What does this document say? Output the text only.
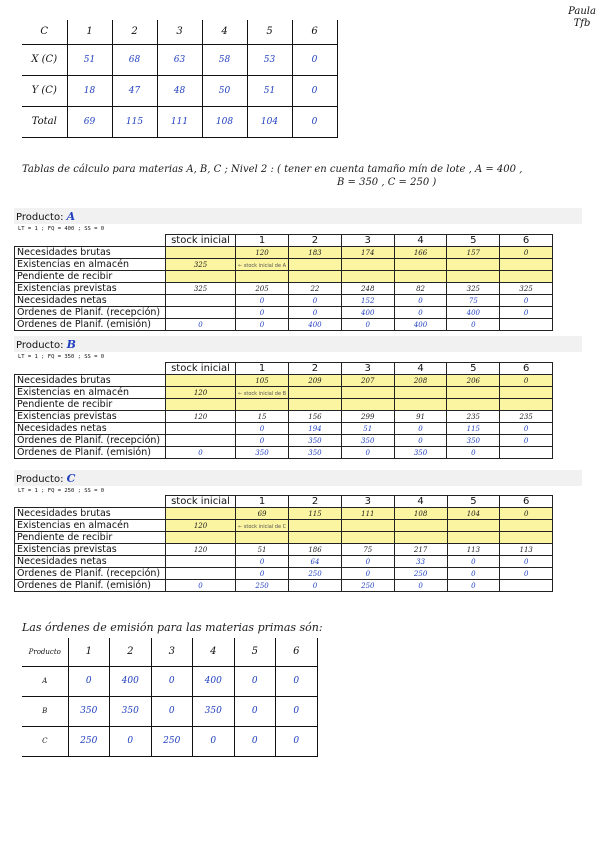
Paula
Tfb
C	1	2	3	4	5	6
X (C)	51	68	63	58	53	0
Y (C)	18	47	48	50	51	0
Total	69	115	111	108	104	0
Tablas de cálculo para materias A, B, C ; Nivel 2 : ( tener en cuenta tamaño mín de lote , A = 400 ,
B = 350 , C = 250 )
Producto: A
LT = 1 ; FQ = 400 ; SS = 0
Producto: B
LT = 1 ; FQ = 350 ; SS = 0
Producto: C
LT = 1 ; FQ = 250 ; SS = 0
	stock inicial	1	2	3	4	5	6
Necesidades brutas		120	183	174	166	157	0
Existencias en almacén	325	← stock inicial de A					
Pendiente de recibir							
Existencias previstas	325	205	22	248	82	325	325
Necesidades netas		0	0	152	0	75	0
Órdenes de Planif. (recepción)		0	0	400	0	400	0
Órdenes de Planif. (emisión)	0	0	400	0	400	0	
	stock inicial	1	2	3	4	5	6
Necesidades brutas		105	209	207	208	206	0
Existencias en almacén	120	← stock inicial de B					
Pendiente de recibir							
Existencias previstas	120	15	156	299	91	235	235
Necesidades netas		0	194	51	0	115	0
Órdenes de Planif. (recepción)		0	350	350	0	350	0
Órdenes de Planif. (emisión)	0	350	350	0	350	0	
	stock inicial	1	2	3	4	5	6
Necesidades brutas		69	115	111	108	104	0
Existencias en almacén	120	← stock inicial de C					
Pendiente de recibir							
Existencias previstas	120	51	186	75	217	113	113
Necesidades netas		0	64	0	33	0	0
Órdenes de Planif. (recepción)		0	250	0	250	0	0
Órdenes de Planif. (emisión)	0	250	0	250	0	0	
Las órdenes de emisión para las materias primas són:
Producto	1	2	3	4	5	6
A	0	400	0	400	0	0
B	350	350	0	350	0	0
C	250	0	250	0	0	0
